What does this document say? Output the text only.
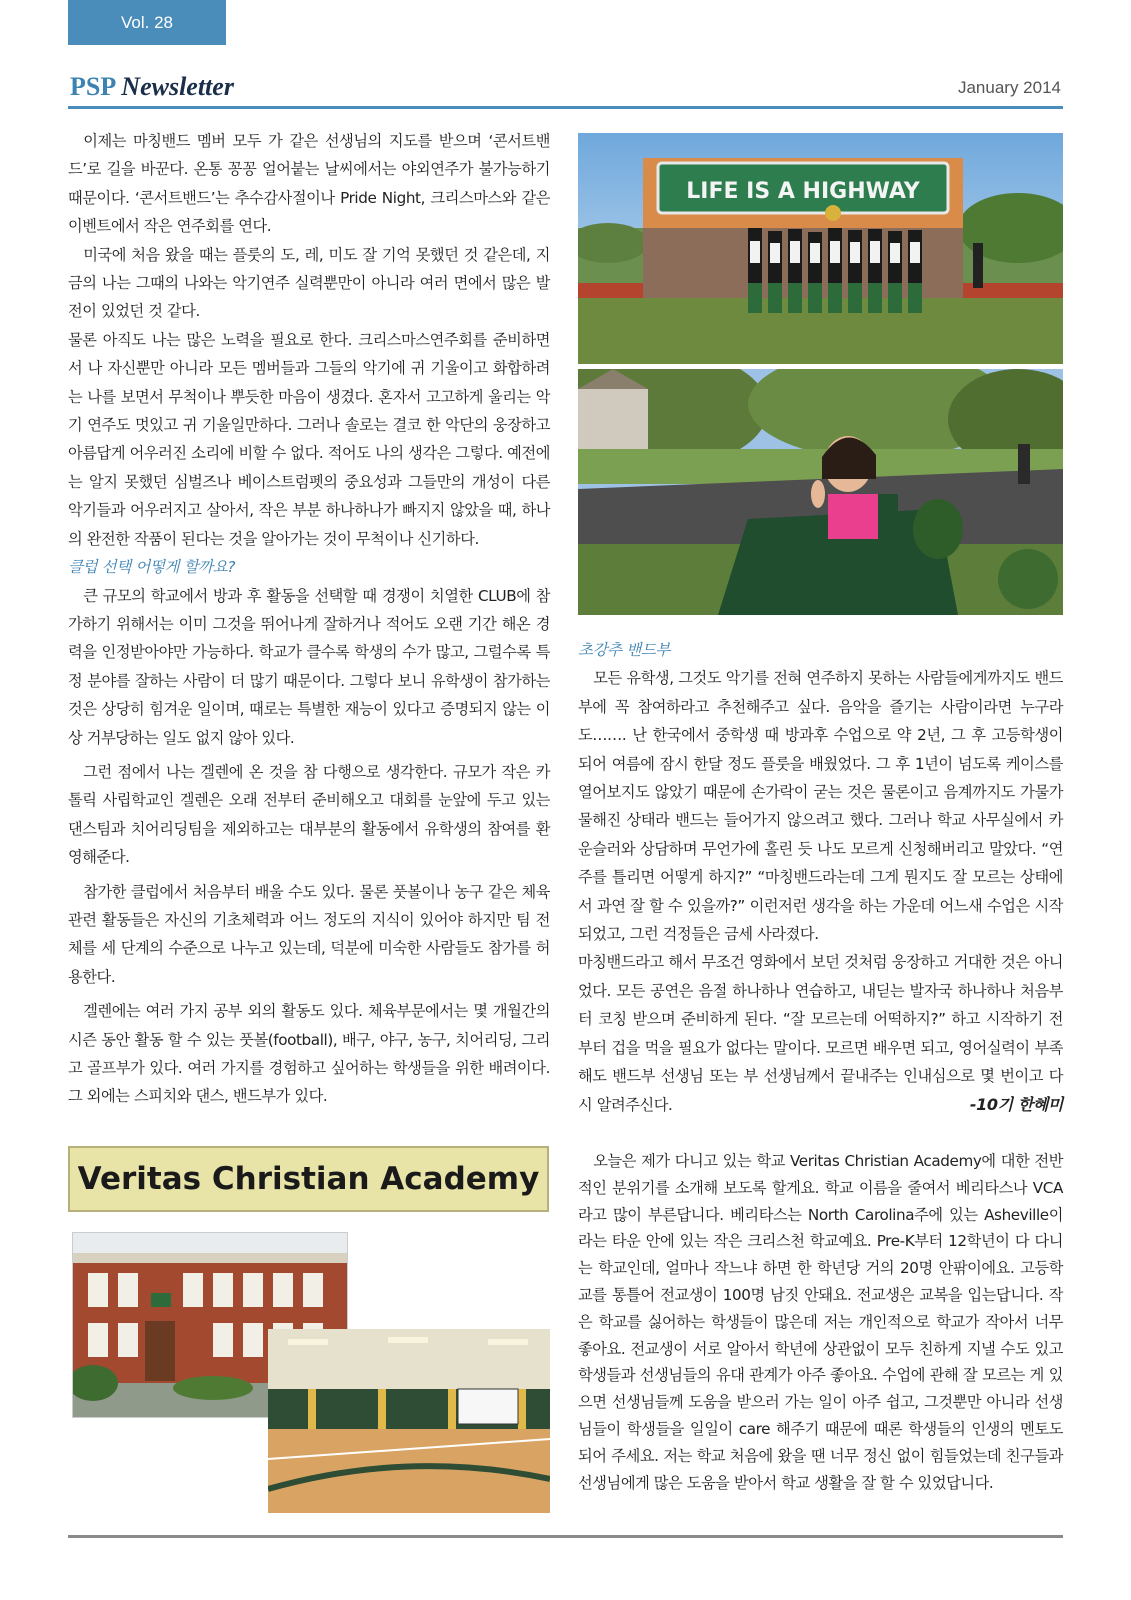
Vol. 28
PSP Newsletter	January 2014

이제는 마칭밴드 멤버 모두 가 같은 선생님의 지도를 받으며 ‘콘서트밴드’로 길을 바꾼다. 온통 꽁꽁 얼어붙는 날씨에서는 야외연주가 불가능하기 때문이다. ‘콘서트밴드’는 추수감사절이나 Pride Night, 크리스마스와 같은 이벤트에서 작은 연주회를 연다.

미국에 처음 왔을 때는 플룻의 도, 레, 미도 잘 기억 못했던 것 같은데, 지금의 나는 그때의 나와는 악기연주 실력뿐만이 아니라 여러 면에서 많은 발전이 있었던 것 같다.

물론 아직도 나는 많은 노력을 필요로 한다. 크리스마스연주회를 준비하면서 나 자신뿐만 아니라 모든 멤버들과 그들의 악기에 귀 기울이고 화합하려는 나를 보면서 무척이나 뿌듯한 마음이 생겼다. 혼자서 고고하게 울리는 악기 연주도 멋있고 귀 기울일만하다. 그러나 솔로는 결코 한 악단의 웅장하고 아름답게 어우러진 소리에 비할 수 없다. 적어도 나의 생각은 그렇다. 예전에는 알지 못했던 심벌즈나 베이스트럼펫의 중요성과 그들만의 개성이 다른 악기들과 어우러지고 살아서, 작은 부분 하나하나가 빠지지 않았을 때, 하나의 완전한 작품이 된다는 것을 알아가는 것이 무척이나 신기하다.

클럽 선택 어떻게 할까요?

큰 규모의 학교에서 방과 후 활동을 선택할 때 경쟁이 치열한 CLUB에 참가하기 위해서는 이미 그것을 뛰어나게 잘하거나 적어도 오랜 기간 해온 경력을 인정받아야만 가능하다. 학교가 클수록 학생의 수가 많고, 그럴수록 특정 분야를 잘하는 사람이 더 많기 때문이다. 그렇다 보니 유학생이 참가하는 것은 상당히 힘겨운 일이며, 때로는 특별한 재능이 있다고 증명되지 않는 이상 거부당하는 일도 없지 않아 있다.

그런 점에서 나는 겔렌에 온 것을 참 다행으로 생각한다. 규모가 작은 카톨릭 사립학교인 겔렌은 오래 전부터 준비해오고 대회를 눈앞에 두고 있는 댄스팀과 치어리딩팀을 제외하고는 대부분의 활동에서 유학생의 참여를 환영해준다.

참가한 클럽에서 처음부터 배울 수도 있다. 물론 풋볼이나 농구 같은 체육관련 활동들은 자신의 기초체력과 어느 정도의 지식이 있어야 하지만 팀 전체를 세 단계의 수준으로 나누고 있는데, 덕분에 미숙한 사람들도 참가를 허용한다.

겔렌에는 여러 가지 공부 외의 활동도 있다. 체육부문에서는 몇 개월간의 시즌 동안 활동 할 수 있는 풋볼(football), 배구, 야구, 농구, 치어리딩, 그리고 골프부가 있다. 여러 가지를 경험하고 싶어하는 학생들을 위한 배려이다. 그 외에는 스피치와 댄스, 밴드부가 있다.

LIFE IS A HIGHWAY

초강추 밴드부

모든 유학생, 그것도 악기를 전혀 연주하지 못하는 사람들에게까지도 밴드부에 꼭 참여하라고 추천해주고 싶다. 음악을 즐기는 사람이라면 누구라도……. 난 한국에서 중학생 때 방과후 수업으로 약 2년, 그 후 고등학생이 되어 여름에 잠시 한달 정도 플룻을 배웠었다. 그 후 1년이 넘도록 케이스를 열어보지도 않았기 때문에 손가락이 굳는 것은 물론이고 음계까지도 가물가물해진 상태라 밴드는 들어가지 않으려고 했다. 그러나 학교 사무실에서 카운슬러와 상담하며 무언가에 홀린 듯 나도 모르게 신청해버리고 말았다. “연주를 틀리면 어떻게 하지?” “마칭밴드라는데 그게 뭔지도 잘 모르는 상태에서 과연 잘 할 수 있을까?” 이런저런 생각을 하는 가운데 어느새 수업은 시작되었고, 그런 걱정들은 금세 사라졌다.

마칭밴드라고 해서 무조건 영화에서 보던 것처럼 웅장하고 거대한 것은 아니었다. 모든 공연은 음절 하나하나 연습하고, 내딛는 발자국 하나하나 처음부터 코칭 받으며 준비하게 된다. “잘 모르는데 어떡하지?” 하고 시작하기 전부터 겁을 먹을 필요가 없다는 말이다. 모르면 배우면 되고, 영어실력이 부족해도 밴드부 선생님 또는 부 선생님께서 끝내주는 인내심으로 몇 번이고 다시 알려주신다.	-10기 한혜미

Veritas Christian Academy	오늘은 제가 다니고 있는 학교 Veritas Christian Academy에 대한 전반적인 분위기를 소개해 보도록 할게요. 학교 이름을 줄여서 베리타스나 VCA라고 많이 부른답니다. 베리타스는 North Carolina주에 있는 Asheville이라는 타운 안에 있는 작은 크리스천 학교예요. Pre-K부터 12학년이 다 다니는 학교인데, 얼마나 작느냐 하면 한 학년당 거의 20명 안팎이에요. 고등학교를 통틀어 전교생이 100명 남짓 안돼요. 전교생은 교복을 입는답니다. 작은 학교를 싫어하는 학생들이 많은데 저는 개인적으로 학교가 작아서 너무 좋아요. 전교생이 서로 알아서 학년에 상관없이 모두 친하게 지낼 수도 있고 학생들과 선생님들의 유대 관계가 아주 좋아요. 수업에 관해 잘 모르는 게 있으면 선생님들께 도움을 받으러 가는 일이 아주 쉽고, 그것뿐만 아니라 선생님들이 학생들을 일일이 care 해주기 때문에 때론 학생들의 인생의 멘토도 되어 주세요. 저는 학교 처음에 왔을 땐 너무 정신 없이 힘들었는데 친구들과 선생님에게 많은 도움을 받아서 학교 생활을 잘 할 수 있었답니다.
